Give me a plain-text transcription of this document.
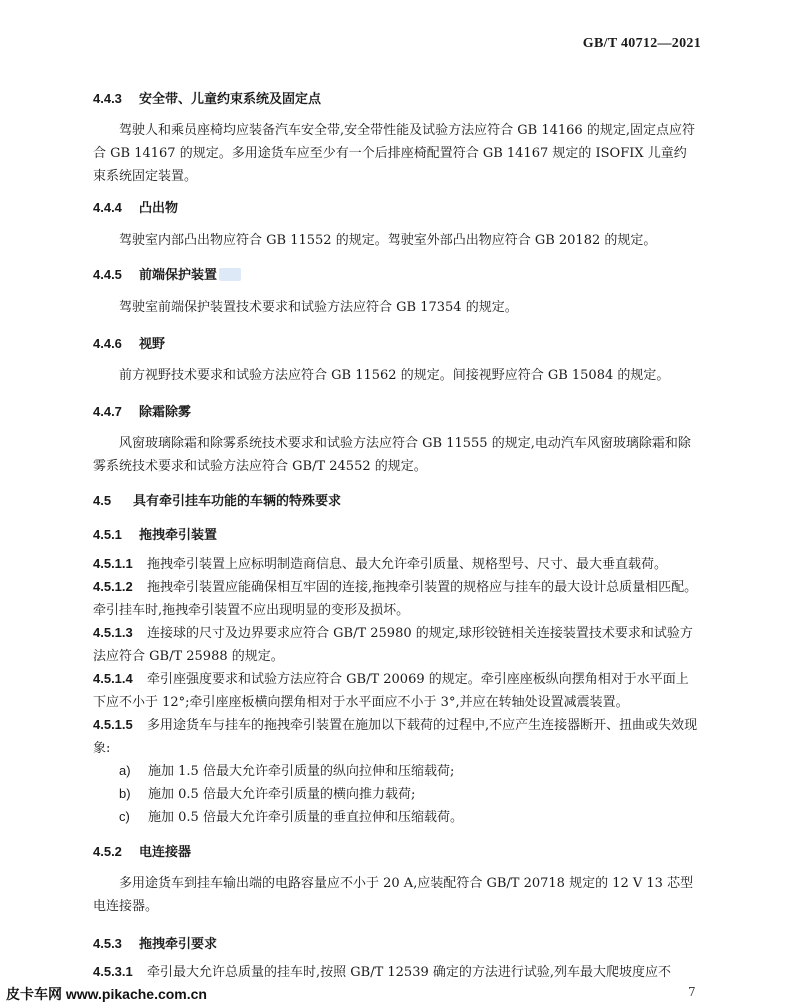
GB/T 40712—2021
4.4.3 安全带、儿童约束系统及固定点
驾驶人和乘员座椅均应装备汽车安全带,安全带性能及试验方法应符合 GB 14166 的规定,固定点应符合 GB 14167 的规定。多用途货车应至少有一个后排座椅配置符合 GB 14167 规定的 ISOFIX 儿童约束系统固定装置。
4.4.4 凸出物
驾驶室内部凸出物应符合 GB 11552 的规定。驾驶室外部凸出物应符合 GB 20182 的规定。
4.4.5 前端保护装置
驾驶室前端保护装置技术要求和试验方法应符合 GB 17354 的规定。
4.4.6 视野
前方视野技术要求和试验方法应符合 GB 11562 的规定。间接视野应符合 GB 15084 的规定。
4.4.7 除霜除雾
风窗玻璃除霜和除雾系统技术要求和试验方法应符合 GB 11555 的规定,电动汽车风窗玻璃除霜和除雾系统技术要求和试验方法应符合 GB/T 24552 的规定。
4.5 具有牵引挂车功能的车辆的特殊要求
4.5.1 拖拽牵引装置
4.5.1.1 拖拽牵引装置上应标明制造商信息、最大允许牵引质量、规格型号、尺寸、最大垂直载荷。
4.5.1.2 拖拽牵引装置应能确保相互牢固的连接,拖拽牵引装置的规格应与挂车的最大设计总质量相匹配。牵引挂车时,拖拽牵引装置不应出现明显的变形及损坏。
4.5.1.3 连接球的尺寸及边界要求应符合 GB/T 25980 的规定,球形铰链相关连接装置技术要求和试验方法应符合 GB/T 25988 的规定。
4.5.1.4 牵引座强度要求和试验方法应符合 GB/T 20069 的规定。牵引座座板纵向摆角相对于水平面上下应不小于 12°;牵引座座板横向摆角相对于水平面应不小于 3°,并应在转轴处设置减震装置。
4.5.1.5 多用途货车与挂车的拖拽牵引装置在施加以下载荷的过程中,不应产生连接器断开、扭曲或失效现象:
a) 施加 1.5 倍最大允许牵引质量的纵向拉伸和压缩载荷;
b) 施加 0.5 倍最大允许牵引质量的横向推力载荷;
c) 施加 0.5 倍最大允许牵引质量的垂直拉伸和压缩载荷。
4.5.2 电连接器
多用途货车到挂车输出端的电路容量应不小于 20 A,应装配符合 GB/T 20718 规定的 12 V 13 芯型电连接器。
4.5.3 拖拽牵引要求
4.5.3.1 牵引最大允许总质量的挂车时,按照 GB/T 12539 确定的方法进行试验,列车最大爬坡度应不
皮卡车网 www.pikache.com.cn	7
